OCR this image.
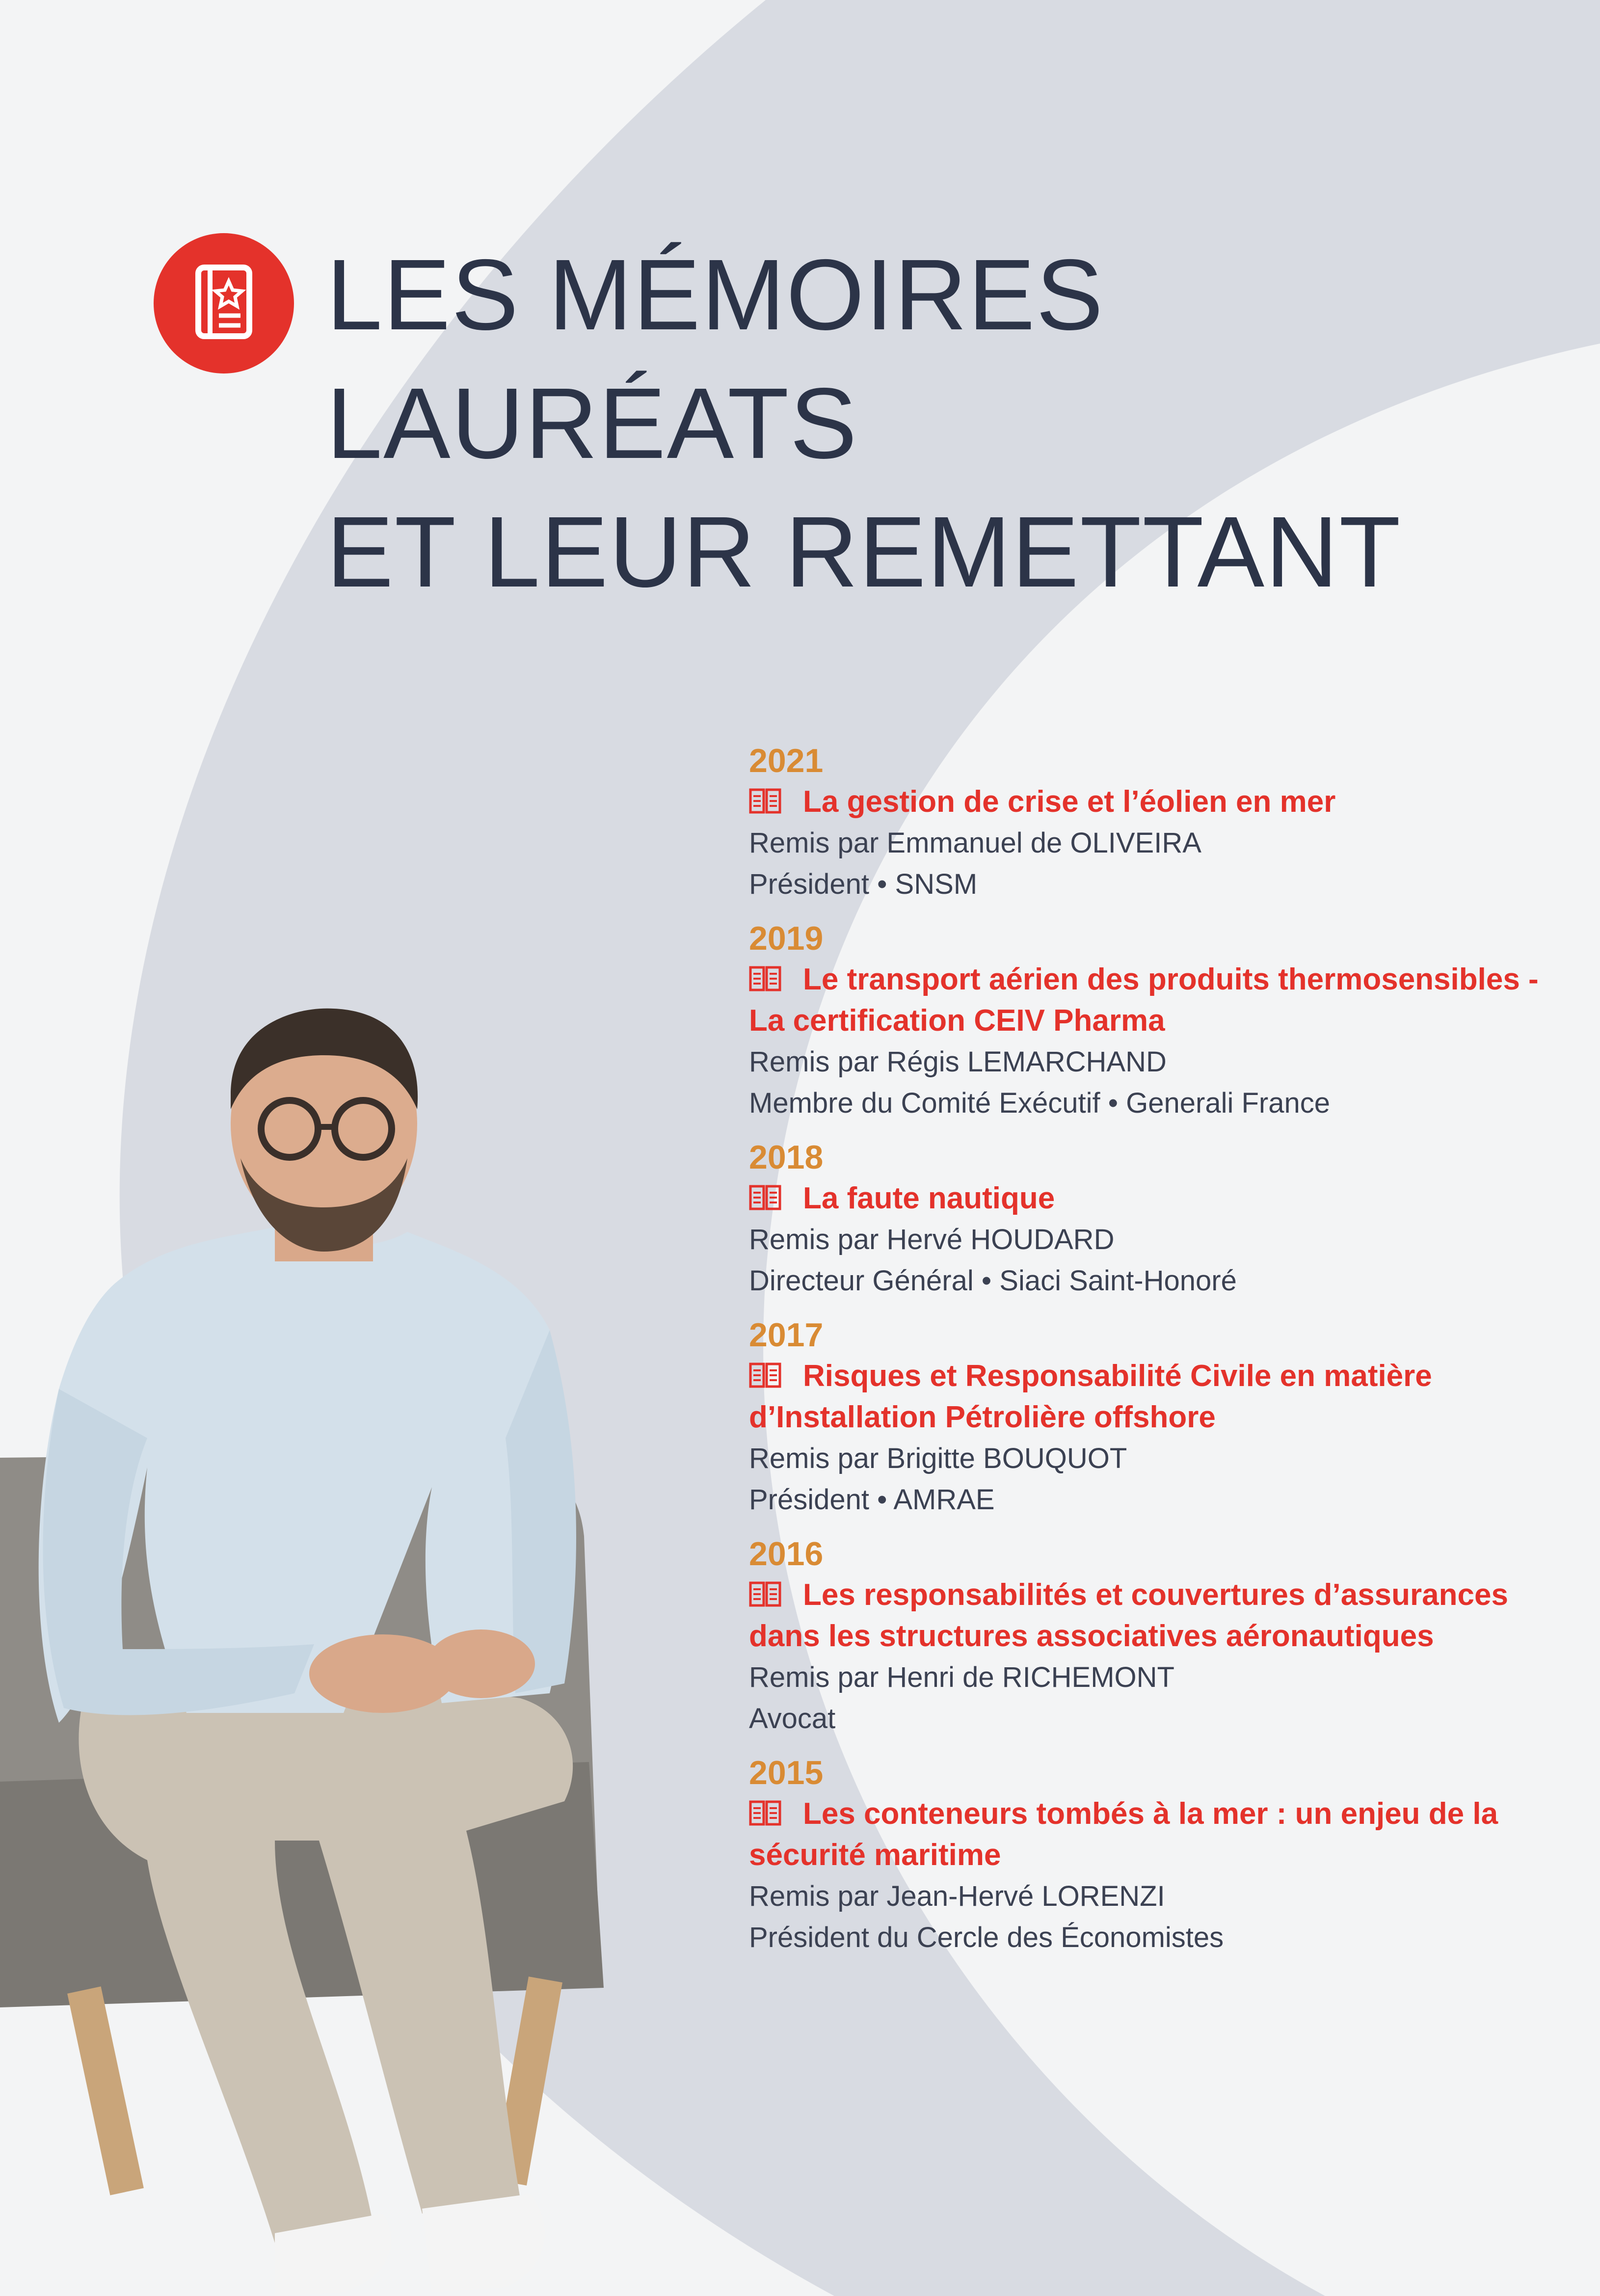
LES MÉMOIRES
LAURÉATS
ET LEUR REMETTANT
2021
La gestion de crise et l’éolien en mer
Remis par Emmanuel de OLIVEIRA
Président • SNSM
2019
Le transport aérien des produits thermosensibles - La certification CEIV Pharma
Remis par Régis LEMARCHAND
Membre du Comité Exécutif • Generali France
2018
La faute nautique
Remis par Hervé HOUDARD
Directeur Général • Siaci Saint-Honoré
2017
Risques et Responsabilité Civile en matière d’Installation Pétrolière offshore
Remis par Brigitte BOUQUOT
Président • AMRAE
2016
Les responsabilités et couvertures d’assurances dans les structures associatives aéronautiques
Remis par Henri de RICHEMONT
Avocat
2015
Les conteneurs tombés à la mer : un enjeu de la sécurité maritime
Remis par Jean-Hervé LORENZI
Président du Cercle des Économistes
